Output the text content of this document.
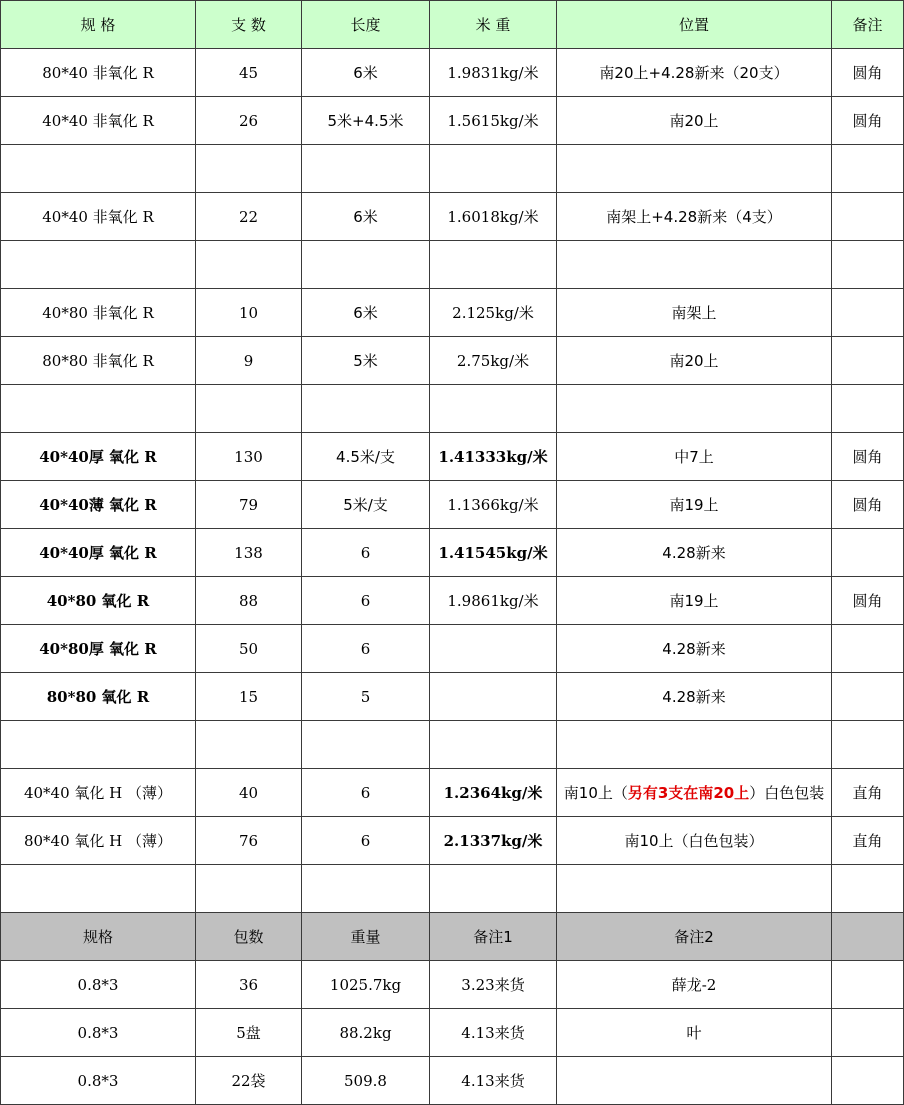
规 格	支 数	长度	米 重	位置	备注
80*40 非氧化 R	45	6米	1.9831kg/米	南20上+4.28新来（20支）	圆角
40*40 非氧化 R	26	5米+4.5米	1.5615kg/米	南20上	圆角

40*40 非氧化 R	22	6米	1.6018kg/米	南架上+4.28新来（4支）	

40*80 非氧化 R	10	6米	2.125kg/米	南架上	
80*80 非氧化 R	9	5米	2.75kg/米	南20上	

40*40厚 氧化 R	130	4.5米/支	1.41333kg/米	中7上	圆角
40*40薄 氧化 R	79	5米/支	1.1366kg/米	南19上	圆角
40*40厚 氧化 R	138	6	1.41545kg/米	4.28新来	
40*80 氧化 R	88	6	1.9861kg/米	南19上	圆角
40*80厚 氧化 R	50	6		4.28新来	
80*80 氧化 R	15	5		4.28新来	

40*40 氧化 H （薄）	40	6	1.2364kg/米	南10上（另有3支在南20上）白色包装	直角
80*40 氧化 H （薄）	76	6	2.1337kg/米	南10上（白色包装）	直角

规格	包数	重量	备注1	备注2	
0.8*3	36	1025.7kg	3.23来货	薛龙-2	
0.8*3	5盘	88.2kg	4.13来货	叶	
0.8*3	22袋	509.8	4.13来货		
